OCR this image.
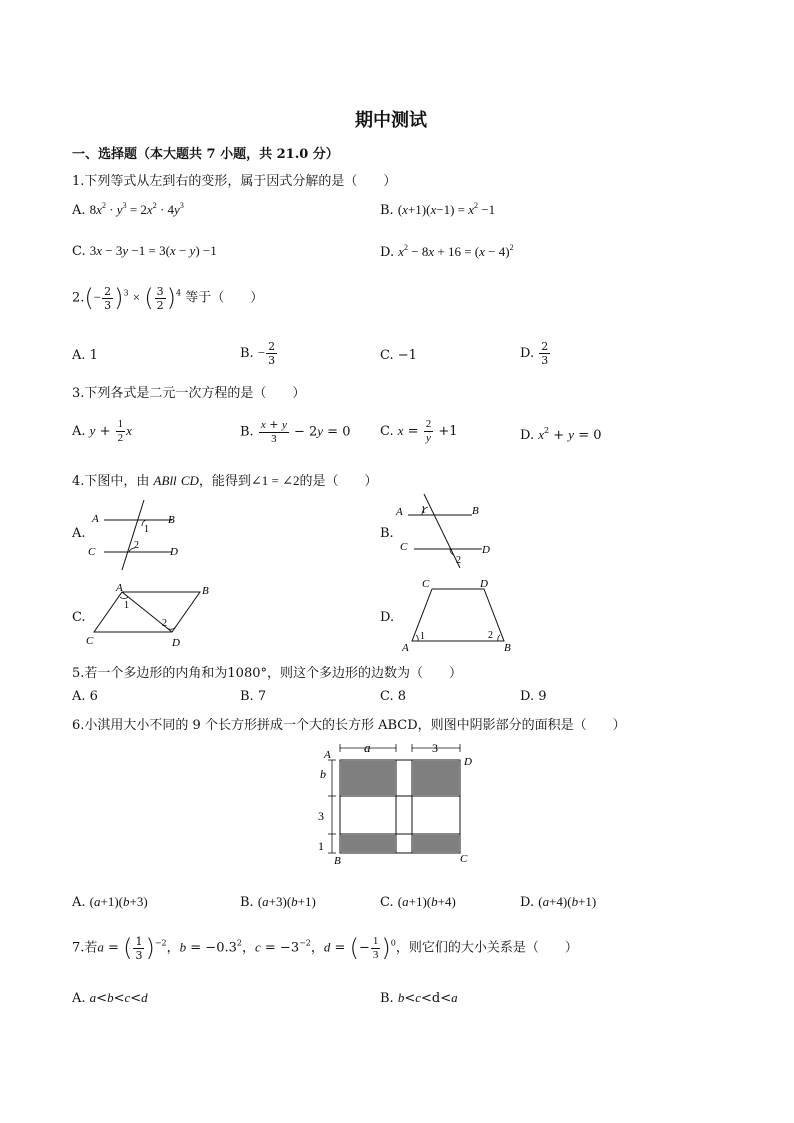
期中测试
一、选择题（本大题共 7 小题，共 21.0 分）
1.下列等式从左到右的变形，属于因式分解的是（　　）
A. $8x^2 \cdot y^3 = 2x^2 \cdot 4y^3$	B. $(x+1)(x-1) = x^2 -1$
C. 3x − 3y −1 = 3(x − y) −1	D. $x^2 - 8x + 16 = (x - 4)^2$
$2.(- \frac{2}{3} )^3$ × ( $\frac{3}{2} )^4$ 等于（　　）
A. 1	B. − $\frac{2}{3}$	C. −1	D. $\frac{2}{3}$
3.下列各式是二元一次方程的是（　　）
A. $y + \frac{1}{2}$ x	B. $\frac{x + y}{3} - 2y = 0$ C. $x = \frac{2}{y} +1$	D. $x^2 + y = 0$
4.下图中，由 ABll CD，能得到∠1 = ∠2的是（　　）
A.
A	B
C	D
1
2
B.
A	B
C	D
1
2
C.
A	B
C	D
1
2	D.
C	D
A	B
1	2
5.若一个多边形的内角和为1080°，则这个多边形的边数为（　　）
A. 6	B. 7	C. 8	D. 9
6.小淇用大小不同的 9 个长方形拼成一个大的长方形 ABCD，则图中阴影部分的面积是（　　）
a	3
b
3
1
A
D
B	C
A. (a+1)(b+3)	B. (a+3)(b+1)	C. (a+1)(b+4)	D. (a+4)(b+1)
7.若a = ( $\frac{1}{3} )^{-2}$，$b = -0.3^2$，$c = -3^{-2}$，d = (− $\frac{1}{3} )^0$，则它们的大小关系是（　　）
A. a<b<c<d	B. b<c<d<a
